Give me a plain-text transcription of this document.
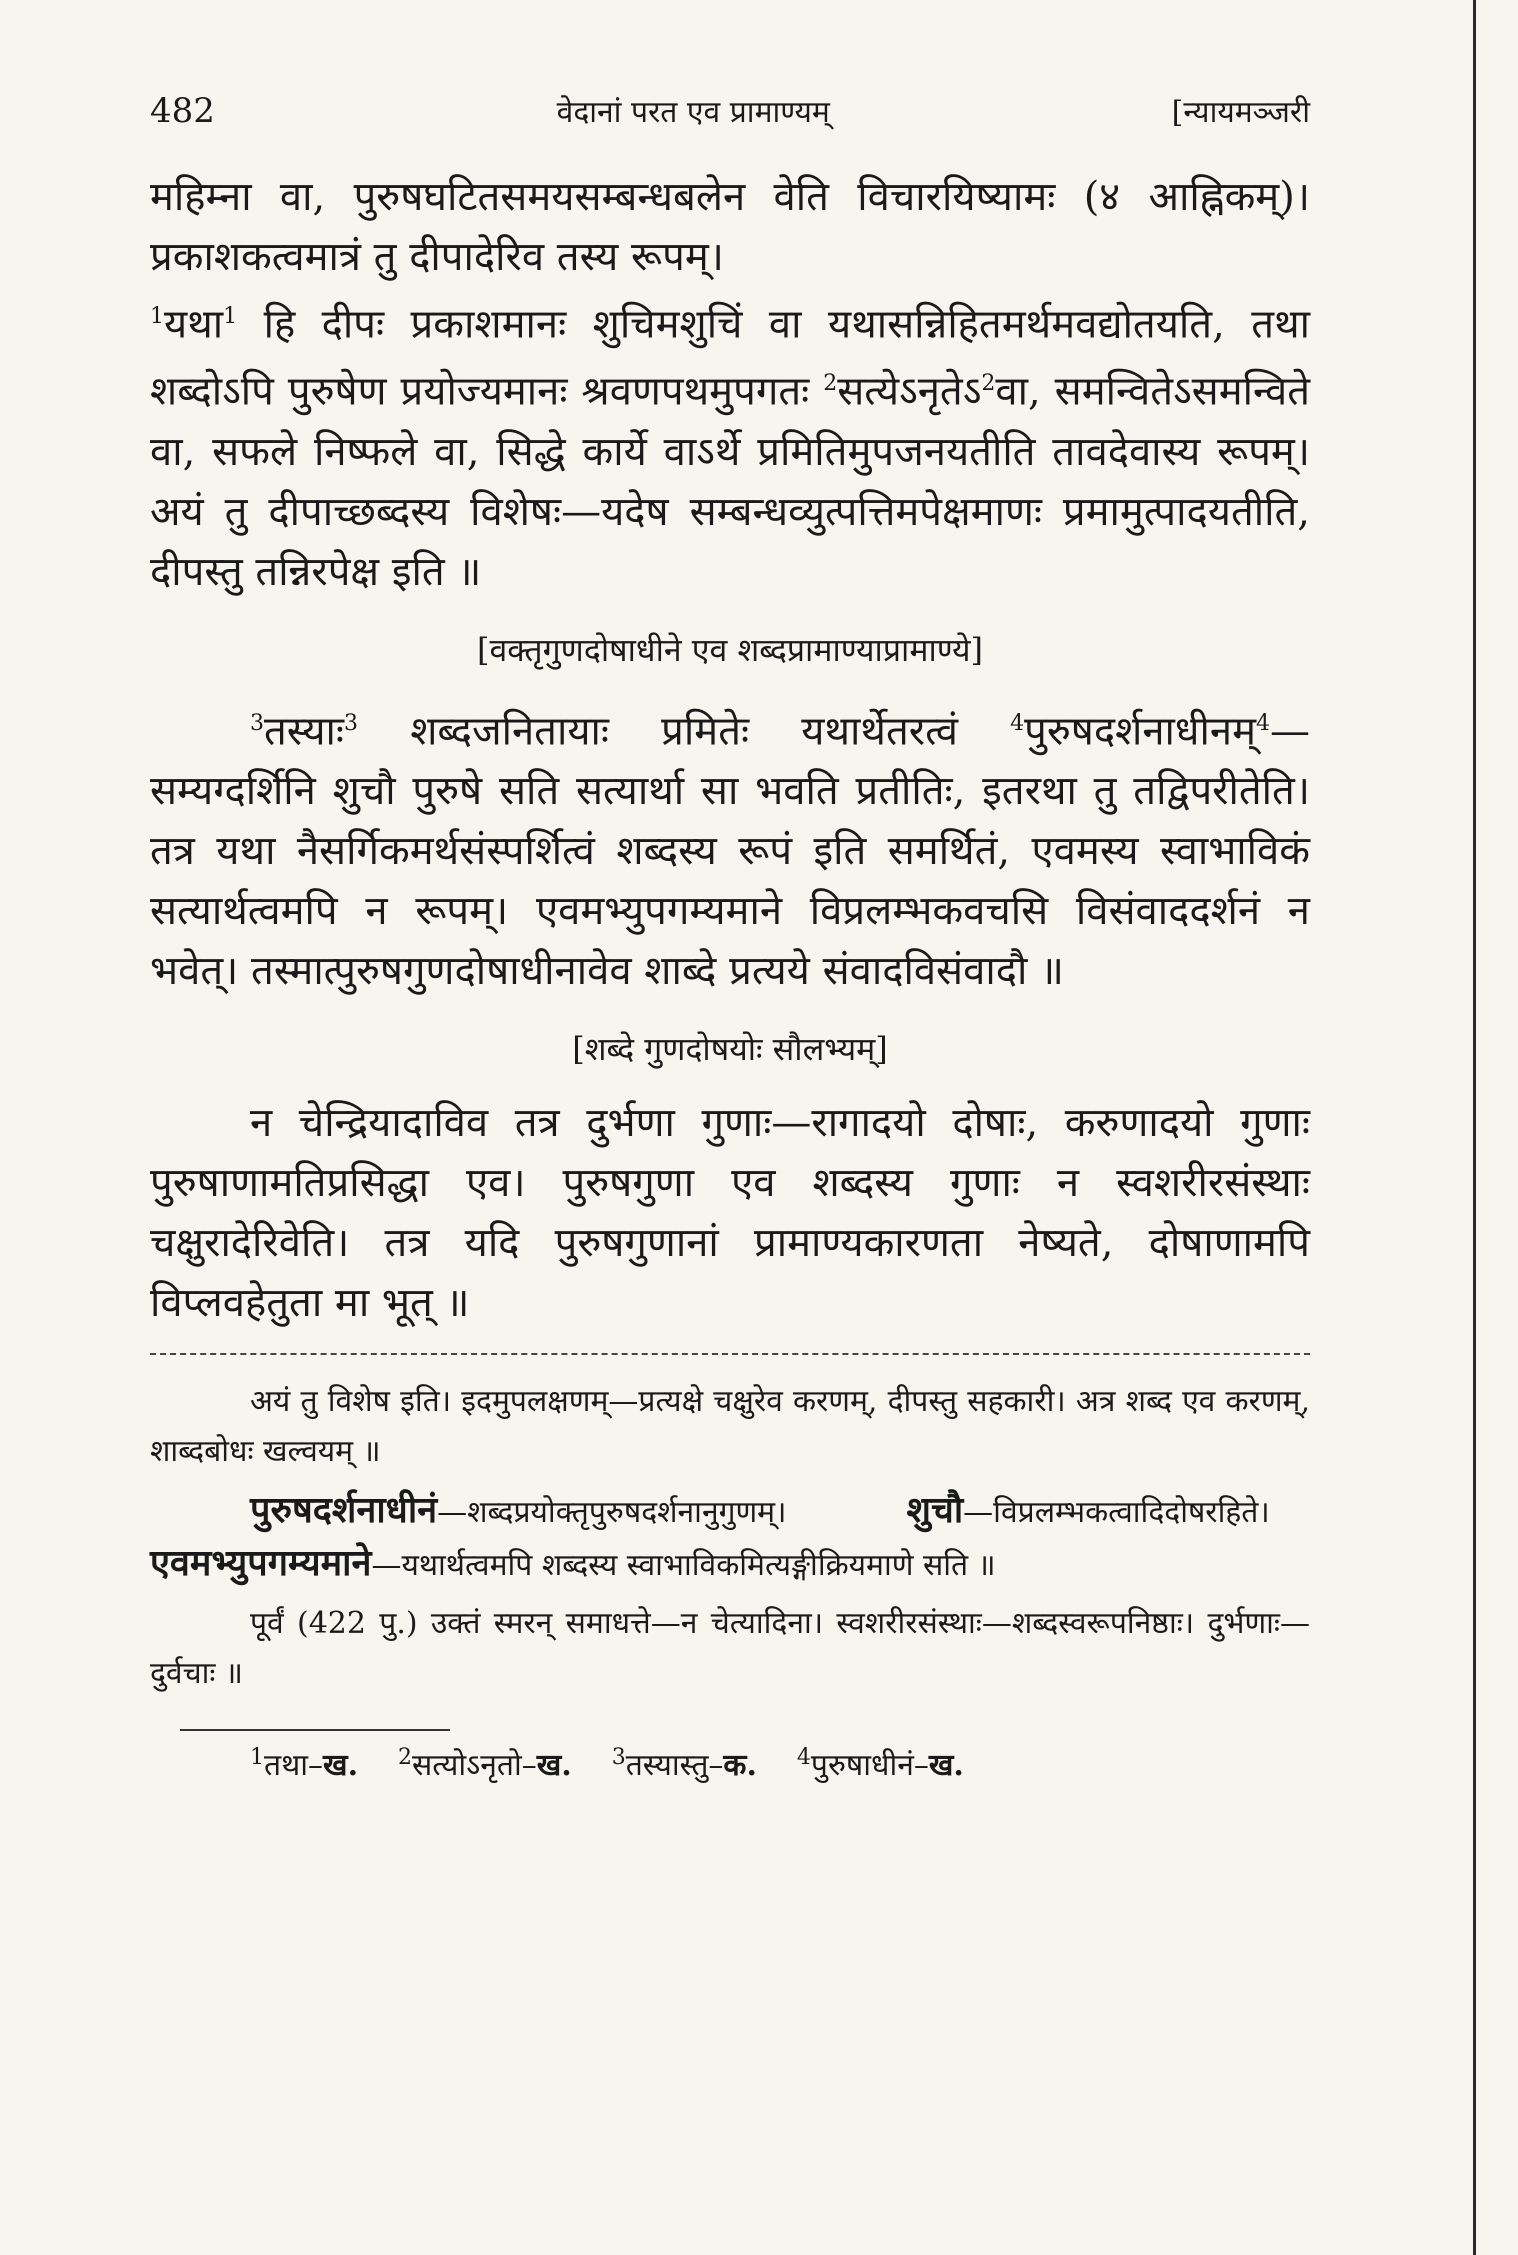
482	वेदानां परत एव प्रामाण्यम्	[न्यायमञ्जरी

महिम्ना वा, पुरुषघटितसमयसम्बन्धबलेन वेति विचारयिष्यामः (४ आह्निकम्)। प्रकाशकत्वमात्रं तु दीपादेरिव तस्य रूपम्।

$^1$यथा$^1$ हि दीपः प्रकाशमानः शुचिमशुचिं वा यथासन्निहितमर्थमवद्योतयति, तथा शब्दोऽपि पुरुषेण प्रयोज्यमानः श्रवणपथमुपगतः $^2$सत्येऽनृतेऽ$^2$वा, समन्वितेऽसमन्विते वा, सफले निष्फले वा, सिद्धे कार्ये वाऽर्थे प्रमितिमुपजनयतीति तावदेवास्य रूपम्। अयं तु दीपाच्छब्दस्य विशेषः—यदेष सम्बन्धव्युत्पत्तिमपेक्षमाणः प्रमामुत्पादयतीति, दीपस्तु तन्निरपेक्ष इति ॥

[वक्तृगुणदोषाधीने एव शब्दप्रामाण्याप्रामाण्ये]

$^3$तस्याः$^3$ शब्दजनितायाः प्रमितेः यथार्थेतरत्वं $^4$पुरुषदर्शनाधीनम्$^4$—सम्यग्दर्शिनि शुचौ पुरुषे सति सत्यार्था सा भवति प्रतीतिः, इतरथा तु तद्विपरीतेति। तत्र यथा नैसर्गिकमर्थसंस्पर्शित्वं शब्दस्य रूपं इति समर्थितं, एवमस्य स्वाभाविकं सत्यार्थत्वमपि न रूपम्। एवमभ्युपगम्यमाने विप्रलम्भकवचसि विसंवाददर्शनं न भवेत्। तस्मात्पुरुषगुणदोषाधीनावेव शाब्दे प्रत्यये संवादविसंवादौ ॥

[शब्दे गुणदोषयोः सौलभ्यम्]

न चेन्द्रियादाविव तत्र दुर्भणा गुणाः—रागादयो दोषाः, करुणादयो गुणाः पुरुषाणामतिप्रसिद्धा एव। पुरुषगुणा एव शब्दस्य गुणाः न स्वशरीरसंस्थाः चक्षुरादेरिवेति। तत्र यदि पुरुषगुणानां प्रामाण्यकारणता नेष्यते, दोषाणामपि विप्लवहेतुता मा भूत् ॥

अयं तु विशेष इति। इदमुपलक्षणम्—प्रत्यक्षे चक्षुरेव करणम्, दीपस्तु सहकारी। अत्र शब्द एव करणम्, शाब्दबोधः खल्वयम् ॥

पुरुषदर्शनाधीनं—शब्दप्रयोक्तृपुरुषदर्शनानुगुणम्।	शुचौ—विप्रलम्भकत्वादिदोषरहिते। एवमभ्युपगम्यमाने—यथार्थत्वमपि शब्दस्य स्वाभाविकमित्यङ्गीक्रियमाणे सति ॥

पूर्वं (422 पु.) उक्तं स्मरन् समाधत्ते—न चेत्यादिना। स्वशरीरसंस्थाः—शब्दस्वरूपनिष्ठाः। दुर्भणाः—दुर्वचाः ॥

$^1$तथा–ख. $^2$सत्योऽनृतो–ख. $^3$तस्यास्तु–क. $^4$पुरुषाधीनं–ख.
